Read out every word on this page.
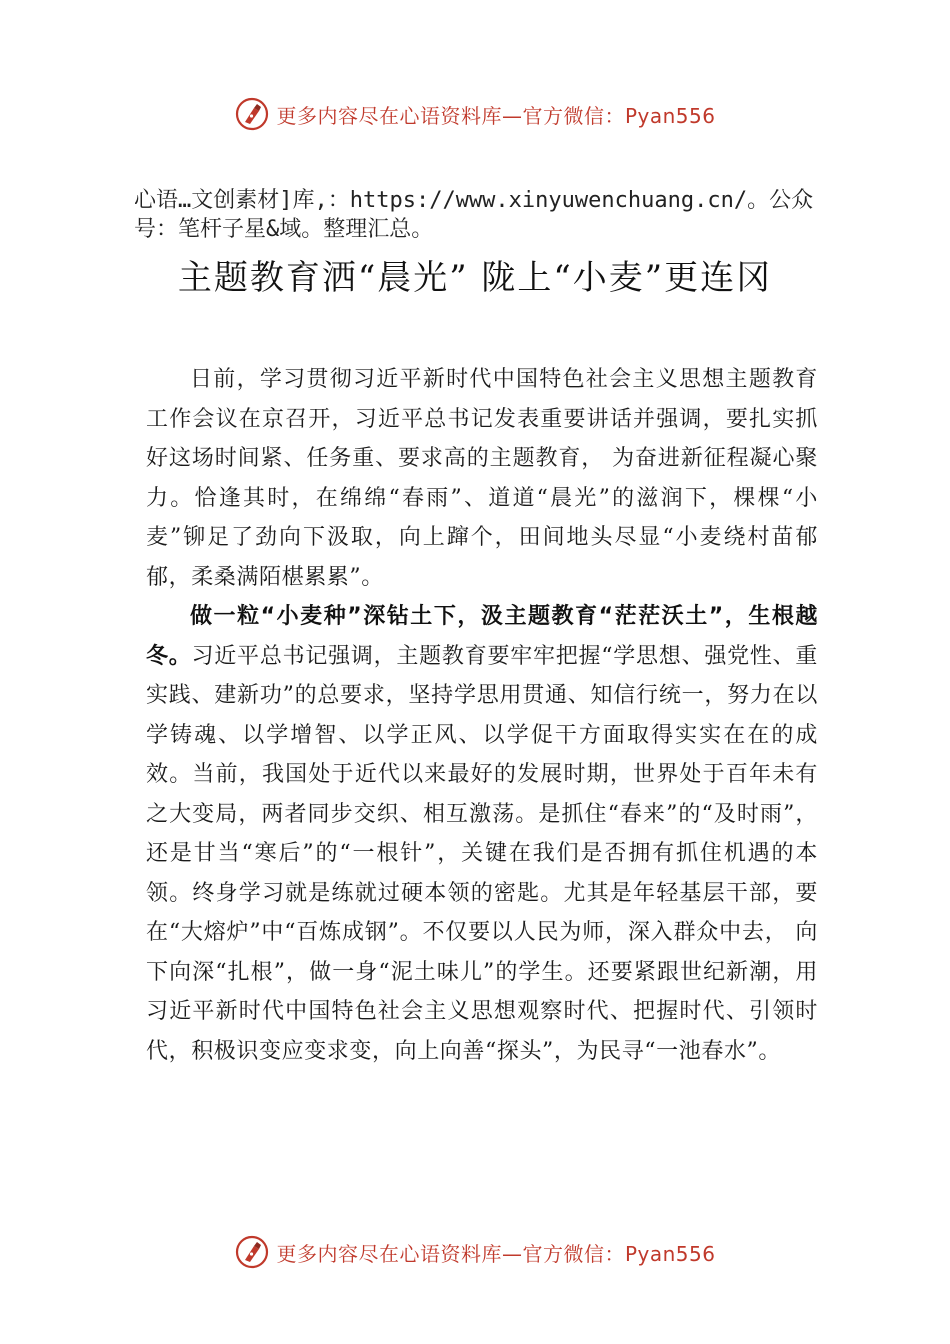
更多内容尽在心语资料库—官方微信：Pyan556
心语…文创素材]库,：https://www.xinyuwenchuang.cn/。公众号：笔杆子星&域。整理汇总。
主题教育洒“晨光” 陇上“小麦”更连冈

日前，学习贯彻习近平新时代中国特色社会主义思想主题教育工作会议在京召开，习近平总书记发表重要讲话并强调，要扎实抓好这场时间紧、任务重、要求高的主题教育， 为奋进新征程凝心聚力。恰逢其时，在绵绵“春雨”、道道“晨光”的滋润下，棵棵“小麦”铆足了劲向下汲取，向上蹿个，田间地头尽显“小麦绕村苗郁郁，柔桑满陌椹累累”。

做一粒“小麦种”深钻土下，汲主题教育“茫茫沃土”，生根越冬。习近平总书记强调，主题教育要牢牢把握“学思想、强党性、重实践、建新功”的总要求，坚持学思用贯通、知信行统一，努力在以学铸魂、以学增智、以学正风、以学促干方面取得实实在在的成效。当前，我国处于近代以来最好的发展时期，世界处于百年未有之大变局，两者同步交织、相互激荡。是抓住“春来”的“及时雨”，还是甘当“寒后”的“一根针”，关键在我们是否拥有抓住机遇的本领。终身学习就是练就过硬本领的密匙。尤其是年轻基层干部，要在“大熔炉”中“百炼成钢”。不仅要以人民为师，深入群众中去， 向下向深“扎根”，做一身“泥土味儿”的学生。还要紧跟世纪新潮，用习近平新时代中国特色社会主义思想观察时代、把握时代、引领时代，积极识变应变求变，向上向善“探头”，为民寻“一池春水”。

更多内容尽在心语资料库—官方微信：Pyan556
